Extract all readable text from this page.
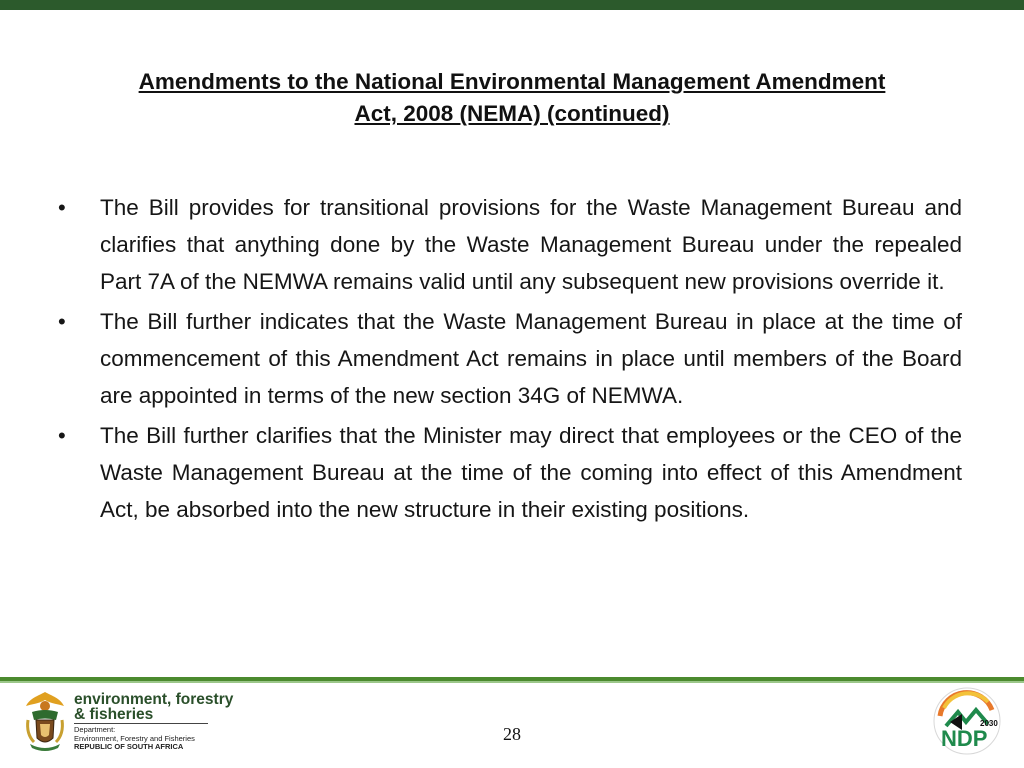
Amendments to the National Environmental Management Amendment
Act, 2008 (NEMA) (continued)
•	The Bill provides for transitional provisions for the Waste Management Bureau and clarifies that anything done by the Waste Management Bureau under the repealed Part 7A of the NEMWA remains valid until any subsequent new provisions override it.
•	The Bill further indicates that the Waste Management Bureau in place at the time of commencement of this Amendment Act remains in place until members of the Board are appointed in terms of the new section 34G of NEMWA.
•	The Bill further clarifies that the Minister may direct that employees or the CEO of the Waste Management Bureau at the time of the coming into effect of this Amendment Act, be absorbed into the new structure in their existing positions.
environment, forestry
& fisheries
Department:
Environment, Forestry and Fisheries
REPUBLIC OF SOUTH AFRICA
28
2030
NDP
